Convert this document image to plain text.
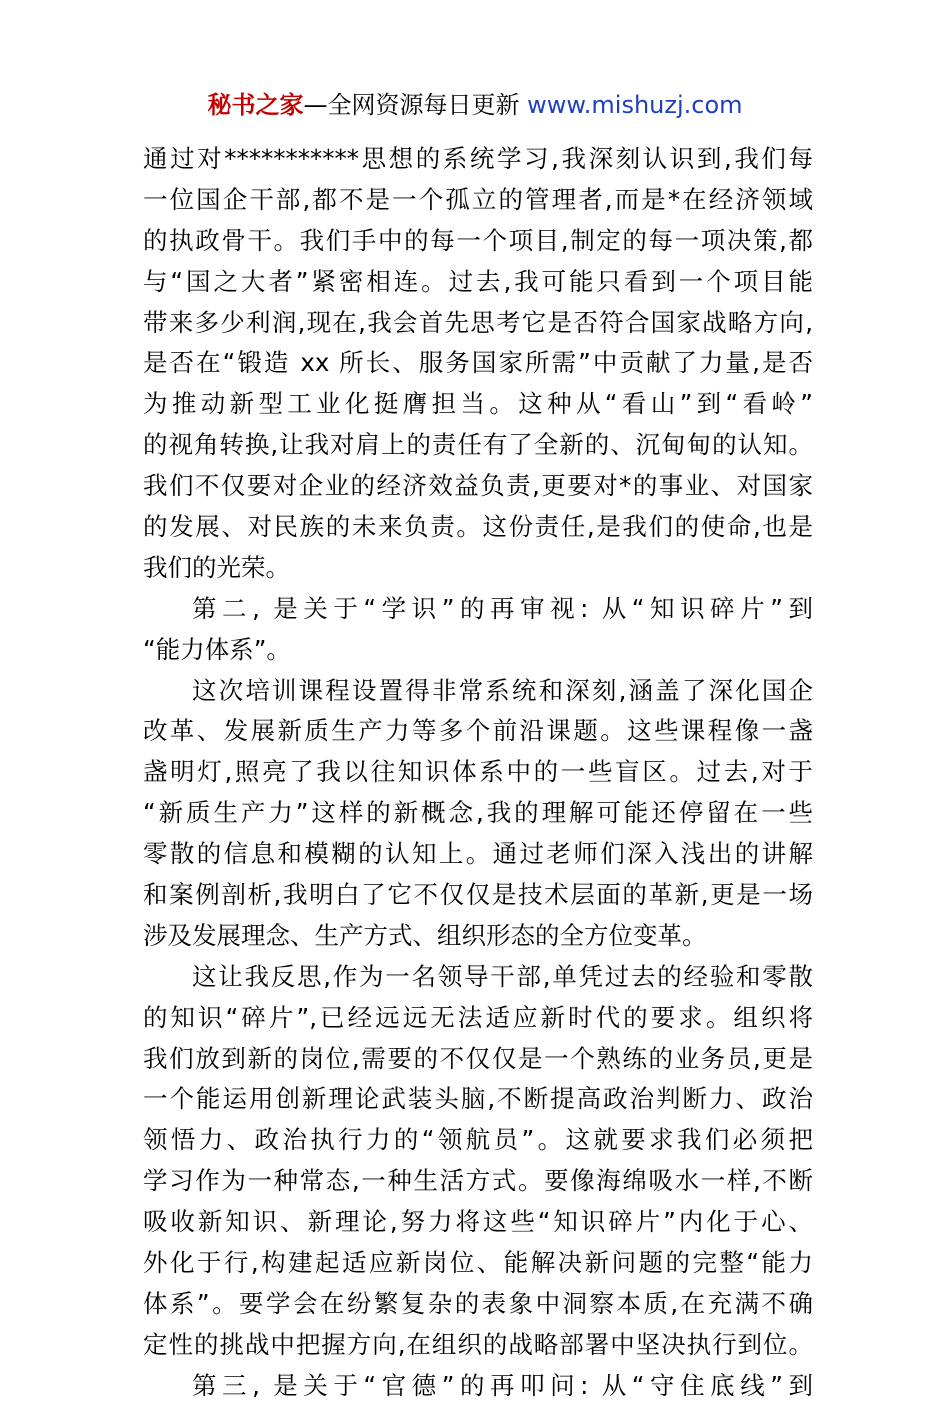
秘书之家—全网资源每日更新 www.mishuzj.com
通过对***********思想的系统学习,我深刻认识到,我们每
一位国企干部,都不是一个孤立的管理者,而是*在经济领域
的执政骨干。我们手中的每一个项目,制定的每一项决策,都
与“国之大者”紧密相连。过去,我可能只看到一个项目能
带来多少利润,现在,我会首先思考它是否符合国家战略方向,
是否在“锻造 xx 所长、服务国家所需”中贡献了力量,是否
为推动新型工业化挺膺担当。这种从“看山”到“看岭”
的视角转换,让我对肩上的责任有了全新的、沉甸甸的认知。
我们不仅要对企业的经济效益负责,更要对*的事业、对国家
的发展、对民族的未来负责。这份责任,是我们的使命,也是
我们的光荣。
第二, 是关于“学识”的再审视: 从“知识碎片”到
“能力体系”。
这次培训课程设置得非常系统和深刻,涵盖了深化国企
改革、发展新质生产力等多个前沿课题。这些课程像一盏
盏明灯,照亮了我以往知识体系中的一些盲区。过去,对于
“新质生产力”这样的新概念,我的理解可能还停留在一些
零散的信息和模糊的认知上。通过老师们深入浅出的讲解
和案例剖析,我明白了它不仅仅是技术层面的革新,更是一场
涉及发展理念、生产方式、组织形态的全方位变革。
这让我反思,作为一名领导干部,单凭过去的经验和零散
的知识“碎片”,已经远远无法适应新时代的要求。组织将
我们放到新的岗位,需要的不仅仅是一个熟练的业务员,更是
一个能运用创新理论武装头脑,不断提高政治判断力、政治
领悟力、政治执行力的“领航员”。这就要求我们必须把
学习作为一种常态,一种生活方式。要像海绵吸水一样,不断
吸收新知识、新理论,努力将这些“知识碎片”内化于心、
外化于行,构建起适应新岗位、能解决新问题的完整“能力
体系”。要学会在纷繁复杂的表象中洞察本质,在充满不确
定性的挑战中把握方向,在组织的战略部署中坚决执行到位。
第三, 是关于“官德”的再叩问: 从“守住底线”到
